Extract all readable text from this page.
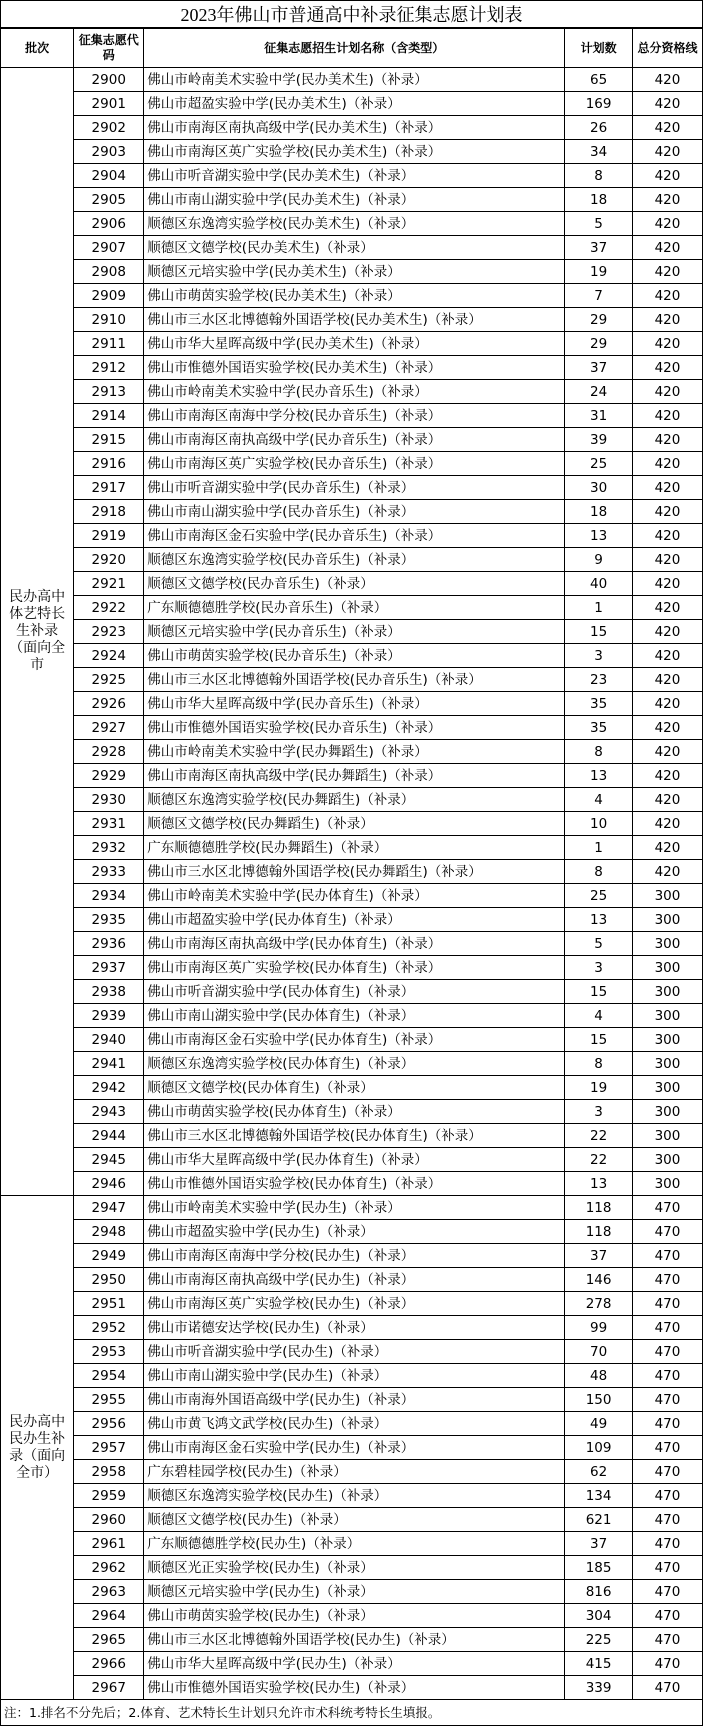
2023年佛山市普通高中补录征集志愿计划表
批次	征集志愿代码	征集志愿招生计划名称（含类型）	计划数	总分资格线
民办高中体艺特长生补录（面向全市	2900	佛山市岭南美术实验中学(民办美术生)（补录）	65	420
	2901	佛山市超盈实验中学(民办美术生)（补录）	169	420
	2902	佛山市南海区南执高级中学(民办美术生)（补录）	26	420
	2903	佛山市南海区英广实验学校(民办美术生)（补录）	34	420
	2904	佛山市听音湖实验中学(民办美术生)（补录）	8	420
	2905	佛山市南山湖实验中学(民办美术生)（补录）	18	420
	2906	顺德区东逸湾实验学校(民办美术生)（补录）	5	420
	2907	顺德区文德学校(民办美术生)（补录）	37	420
	2908	顺德区元培实验中学(民办美术生)（补录）	19	420
	2909	佛山市萌茵实验学校(民办美术生)（补录）	7	420
	2910	佛山市三水区北博德翰外国语学校(民办美术生)（补录）	29	420
	2911	佛山市华大星晖高级中学(民办美术生)（补录）	29	420
	2912	佛山市惟德外国语实验学校(民办美术生)（补录）	37	420
	2913	佛山市岭南美术实验中学(民办音乐生)（补录）	24	420
	2914	佛山市南海区南海中学分校(民办音乐生)（补录）	31	420
	2915	佛山市南海区南执高级中学(民办音乐生)（补录）	39	420
	2916	佛山市南海区英广实验学校(民办音乐生)（补录）	25	420
	2917	佛山市听音湖实验中学(民办音乐生)（补录）	30	420
	2918	佛山市南山湖实验中学(民办音乐生)（补录）	18	420
	2919	佛山市南海区金石实验中学(民办音乐生)（补录）	13	420
	2920	顺德区东逸湾实验学校(民办音乐生)（补录）	9	420
	2921	顺德区文德学校(民办音乐生)（补录）	40	420
	2922	广东顺德德胜学校(民办音乐生)（补录）	1	420
	2923	顺德区元培实验中学(民办音乐生)（补录）	15	420
	2924	佛山市萌茵实验学校(民办音乐生)（补录）	3	420
	2925	佛山市三水区北博德翰外国语学校(民办音乐生)（补录）	23	420
	2926	佛山市华大星晖高级中学(民办音乐生)（补录）	35	420
	2927	佛山市惟德外国语实验学校(民办音乐生)（补录）	35	420
	2928	佛山市岭南美术实验中学(民办舞蹈生)（补录）	8	420
	2929	佛山市南海区南执高级中学(民办舞蹈生)（补录）	13	420
	2930	顺德区东逸湾实验学校(民办舞蹈生)（补录）	4	420
	2931	顺德区文德学校(民办舞蹈生)（补录）	10	420
	2932	广东顺德德胜学校(民办舞蹈生)（补录）	1	420
	2933	佛山市三水区北博德翰外国语学校(民办舞蹈生)（补录）	8	420
	2934	佛山市岭南美术实验中学(民办体育生)（补录）	25	300
	2935	佛山市超盈实验中学(民办体育生)（补录）	13	300
	2936	佛山市南海区南执高级中学(民办体育生)（补录）	5	300
	2937	佛山市南海区英广实验学校(民办体育生)（补录）	3	300
	2938	佛山市听音湖实验中学(民办体育生)（补录）	15	300
	2939	佛山市南山湖实验中学(民办体育生)（补录）	4	300
	2940	佛山市南海区金石实验中学(民办体育生)（补录）	15	300
	2941	顺德区东逸湾实验学校(民办体育生)（补录）	8	300
	2942	顺德区文德学校(民办体育生)（补录）	19	300
	2943	佛山市萌茵实验学校(民办体育生)（补录）	3	300
	2944	佛山市三水区北博德翰外国语学校(民办体育生)（补录）	22	300
	2945	佛山市华大星晖高级中学(民办体育生)（补录）	22	300
	2946	佛山市惟德外国语实验学校(民办体育生)（补录）	13	300
民办高中民办生补录（面向全市）	2947	佛山市岭南美术实验中学(民办生)（补录）	118	470
	2948	佛山市超盈实验中学(民办生)（补录）	118	470
	2949	佛山市南海区南海中学分校(民办生)（补录）	37	470
	2950	佛山市南海区南执高级中学(民办生)（补录）	146	470
	2951	佛山市南海区英广实验学校(民办生)（补录）	278	470
	2952	佛山市诺德安达学校(民办生)（补录）	99	470
	2953	佛山市听音湖实验中学(民办生)（补录）	70	470
	2954	佛山市南山湖实验中学(民办生)（补录）	48	470
	2955	佛山市南海外国语高级中学(民办生)（补录）	150	470
	2956	佛山市黄飞鸿文武学校(民办生)（补录）	49	470
	2957	佛山市南海区金石实验中学(民办生)（补录）	109	470
	2958	广东碧桂园学校(民办生)（补录）	62	470
	2959	顺德区东逸湾实验学校(民办生)（补录）	134	470
	2960	顺德区文德学校(民办生)（补录）	621	470
	2961	广东顺德德胜学校(民办生)（补录）	37	470
	2962	顺德区光正实验学校(民办生)（补录）	185	470
	2963	顺德区元培实验中学(民办生)（补录）	816	470
	2964	佛山市萌茵实验学校(民办生)（补录）	304	470
	2965	佛山市三水区北博德翰外国语学校(民办生)（补录）	225	470
	2966	佛山市华大星晖高级中学(民办生)（补录）	415	470
	2967	佛山市惟德外国语实验学校(民办生)（补录）	339	470
注：1.排名不分先后；2.体育、艺术特长生计划只允许市术科统考特长生填报。
